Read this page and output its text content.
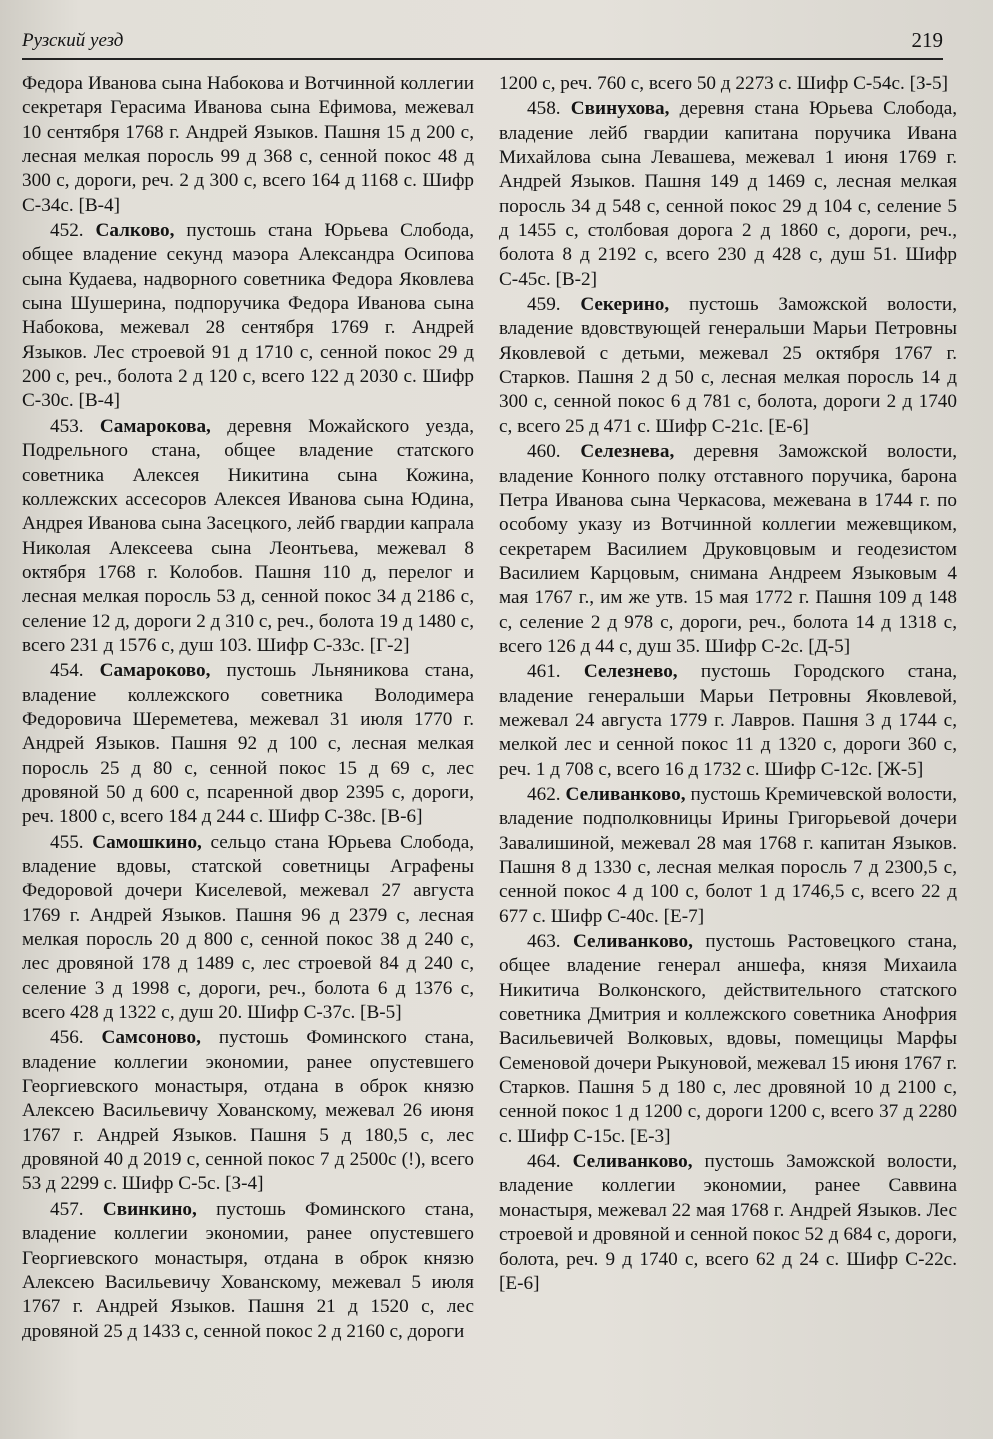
Рузский уезд	219

Федора Ивановa сына Набокова и Вотчинной коллегии секретаря Герасима Иванова сына Ефимова, межевал 10 сентября 1768 г. Андрей Языков. Пашня 15 д 200 с, лесная мелкая поросль 99 д 368 с, сенной покос 48 д 300 с, дороги, реч. 2 д 300 с, всего 164 д 1168 с. Шифр С-34с. [В-4]

452. Салково, пустошь стана Юрьева Слобода, общее владение секунд маэора Александра Осипова сына Кудаева, надворного советника Федора Яковлева сына Шушерина, подпоручика Федора Иванова сына Набокова, межевал 28 сентября 1769 г. Андрей Языков. Лес строевой 91 д 1710 с, сенной покос 29 д 200 с, реч., болота 2 д 120 с, всего 122 д 2030 с. Шифр С-30с. [В-4]

453. Самарокова, деревня Можайского уезда, Подрельного стана, общее владение статского советника Алексея Никитина сына Кожина, коллежских ассесоров Алексея Иванова сына Юдина, Андрея Иванова сына Засецкого, лейб гвардии капрала Николая Алексеева сына Леонтьева, межевал 8 октября 1768 г. Колобов. Пашня 110 д, перелог и лесная мелкая поросль 53 д, сенной покос 34 д 2186 с, селение 12 д, дороги 2 д 310 с, реч., болота 19 д 1480 с, всего 231 д 1576 с, душ 103. Шифр С-33с. [Г-2]

454. Самароково, пустошь Льняникова стана, владение коллежского советника Володимера Федоровича Шереметева, межевал 31 июля 1770 г. Андрей Языков. Пашня 92 д 100 с, лесная мелкая поросль 25 д 80 с, сенной покос 15 д 69 с, лес дровяной 50 д 600 с, псаренной двор 2395 с, дороги, реч. 1800 с, всего 184 д 244 с. Шифр С-38с. [В-6]

455. Самошкино, сельцо стана Юрьева Слобода, владение вдовы, статской советницы Аграфены Федоровой дочери Киселевой, межевал 27 августа 1769 г. Андрей Языков. Пашня 96 д 2379 с, лесная мелкая поросль 20 д 800 с, сенной покос 38 д 240 с, лес дровяной 178 д 1489 с, лес строевой 84 д 240 с, селение 3 д 1998 с, дороги, реч., болота 6 д 1376 с, всего 428 д 1322 с, душ 20. Шифр С-37с. [В-5]

456. Самсоново, пустошь Фоминского стана, владение коллегии экономии, ранее опустевшего Георгиевского монастыря, отдана в оброк князю Алексею Васильевичу Хованскому, межевал 26 июня 1767 г. Андрей Языков. Пашня 5 д 180,5 с, лес дровяной 40 д 2019 с, сенной покос 7 д 2500с (!), всего 53 д 2299 с. Шифр С-5с. [З-4]

457. Свинкино, пустошь Фоминского стана, владение коллегии экономии, ранее опустевшего Георгиевского монастыря, отдана в оброк князю Алексею Васильевичу Хованскому, межевал 5 июля 1767 г. Андрей Языков. Пашня 21 д 1520 с, лес дровяной 25 д 1433 с, сенной покос 2 д 2160 с, дороги

1200 с, реч. 760 с, всего 50 д 2273 с. Шифр С-54с. [З-5]

458. Свинухова, деревня стана Юрьева Слобода, владение лейб гвардии капитана поручика Ивана Михайлова сына Левашева, межевал 1 июня 1769 г. Андрей Языков. Пашня 149 д 1469 с, лесная мелкая поросль 34 д 548 с, сенной покос 29 д 104 с, селение 5 д 1455 с, столбовая дорога 2 д 1860 с, дороги, реч., болота 8 д 2192 с, всего 230 д 428 с, душ 51. Шифр С-45с. [В-2]

459. Секерино, пустошь Заможской волости, владение вдовствующей генеральши Марьи Петровны Яковлевой с детьми, межевал 25 октября 1767 г. Старков. Пашня 2 д 50 с, лесная мелкая поросль 14 д 300 с, сенной покос 6 д 781 с, болота, дороги 2 д 1740 с, всего 25 д 471 с. Шифр С-21с. [Е-6]

460. Селезнева, деревня Заможской волости, владение Конного полку отставного поручика, барона Петра Иванова сына Черкасова, межевана в 1744 г. по особому указу из Вотчинной коллегии межевщиком, секретарем Василием Друковцовым и геодезистом Василием Карцовым, снимана Андреем Языковым 4 мая 1767 г., им же утв. 15 мая 1772 г. Пашня 109 д 148 с, селение 2 д 978 с, дороги, реч., болота 14 д 1318 с, всего 126 д 44 с, душ 35. Шифр С-2с. [Д-5]

461. Селезнево, пустошь Городского стана, владение генеральши Марьи Петровны Яковлевой, межевал 24 августа 1779 г. Лавров. Пашня 3 д 1744 с, мелкой лес и сенной покос 11 д 1320 с, дороги 360 с, реч. 1 д 708 с, всего 16 д 1732 с. Шифр С-12с. [Ж-5]

462. Селиванково, пустошь Кремичевской волости, владение подполковницы Ирины Григорьевой дочери Завалишиной, межевал 28 мая 1768 г. капитан Языков. Пашня 8 д 1330 с, лесная мелкая поросль 7 д 2300,5 с, сенной покос 4 д 100 с, болот 1 д 1746,5 с, всего 22 д 677 с. Шифр С-40с. [Е-7]

463. Селиванково, пустошь Растовецкого стана, общее владение генерал аншефа, князя Михаила Никитича Волконского, действительного статского советника Дмитрия и коллежского советника Анофрия Васильевичей Волковых, вдовы, помещицы Марфы Семеновой дочери Рыкуновой, межевал 15 июня 1767 г. Старков. Пашня 5 д 180 с, лес дровяной 10 д 2100 с, сенной покос 1 д 1200 с, дороги 1200 с, всего 37 д 2280 с. Шифр С-15с. [Е-3]

464. Селиванково, пустошь Заможской волости, владение коллегии экономии, ранее Саввина монастыря, межевал 22 мая 1768 г. Андрей Языков. Лес строевой и дровяной и сенной покос 52 д 684 с, дороги, болота, реч. 9 д 1740 с, всего 62 д 24 с. Шифр С-22с. [Е-6]
